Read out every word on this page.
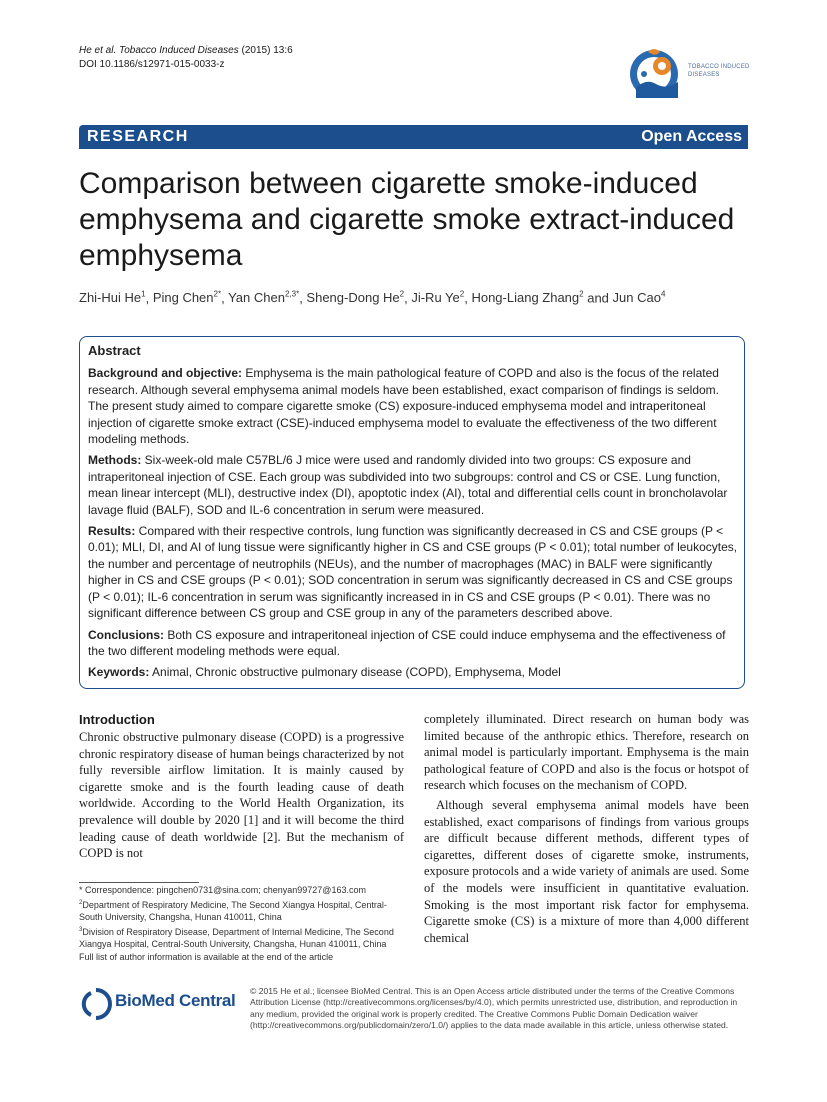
He et al. Tobacco Induced Diseases (2015) 13:6
DOI 10.1186/s12971-015-0033-z	TOBACCO INDUCED
DISEASES
RESEARCH	Open Access
Comparison between cigarette smoke-induced emphysema and cigarette smoke extract-induced emphysema
Zhi-Hui He$^1$, Ping Chen$^{2*}$, Yan Chen$^{2,3*}$, Sheng-Dong He$^2$, Ji-Ru Ye$^2$, Hong-Liang Zhang$^2$ and Jun Cao$^4$
Abstract

Background and objective: Emphysema is the main pathological feature of COPD and also is the focus of the related research. Although several emphysema animal models have been established, exact comparison of findings is seldom. The present study aimed to compare cigarette smoke (CS) exposure-induced emphysema model and intraperitoneal injection of cigarette smoke extract (CSE)-induced emphysema model to evaluate the effectiveness of the two different modeling methods.

Methods: Six-week-old male C57BL/6 J mice were used and randomly divided into two groups: CS exposure and intraperitoneal injection of CSE. Each group was subdivided into two subgroups: control and CS or CSE. Lung function, mean linear intercept (MLI), destructive index (DI), apoptotic index (AI), total and differential cells count in broncholavolar lavage fluid (BALF), SOD and IL-6 concentration in serum were measured.

Results: Compared with their respective controls, lung function was significantly decreased in CS and CSE groups (P < 0.01); MLI, DI, and AI of lung tissue were significantly higher in CS and CSE groups (P < 0.01); total number of leukocytes, the number and percentage of neutrophils (NEUs), and the number of macrophages (MAC) in BALF were significantly higher in CS and CSE groups (P < 0.01); SOD concentration in serum was significantly decreased in CS and CSE groups (P < 0.01); IL-6 concentration in serum was significantly increased in in CS and CSE groups (P < 0.01). There was no significant difference between CS group and CSE group in any of the parameters described above.

Conclusions: Both CS exposure and intraperitoneal injection of CSE could induce emphysema and the effectiveness of the two different modeling methods were equal.

Keywords: Animal, Chronic obstructive pulmonary disease (COPD), Emphysema, Model

Introduction

Chronic obstructive pulmonary disease (COPD) is a progressive chronic respiratory disease of human beings characterized by not fully reversible airflow limitation. It is mainly caused by cigarette smoke and is the fourth leading cause of death worldwide. According to the World Health Organization, its prevalence will double by 2020 [1] and it will become the third leading cause of death worldwide [2]. But the mechanism of COPD is not

completely illuminated. Direct research on human body was limited because of the anthropic ethics. Therefore, research on animal model is particularly important. Emphysema is the main pathological feature of COPD and also is the focus or hotspot of research which focuses on the mechanism of COPD.

Although several emphysema animal models have been established, exact comparisons of findings from various groups are difficult because different methods, different types of cigarettes, different doses of cigarette smoke, instruments, exposure protocols and a wide variety of animals are used. Some of the models were insufficient in quantitative evaluation. Smoking is the most important risk factor for emphysema. Cigarette smoke (CS) is a mixture of more than 4,000 different chemical

* Correspondence: pingchen0731@sina.com; chenyan99727@163.com

$^2$Department of Respiratory Medicine, The Second Xiangya Hospital, Central-South University, Changsha, Hunan 410011, China

$^3$Division of Respiratory Disease, Department of Internal Medicine, The Second Xiangya Hospital, Central-South University, Changsha, Hunan 410011, China

Full list of author information is available at the end of the article

BioMed Central © 2015 He et al.; licensee BioMed Central. This is an Open Access article distributed under the terms of the Creative Commons Attribution License (http://creativecommons.org/licenses/by/4.0), which permits unrestricted use, distribution, and reproduction in any medium, provided the original work is properly credited. The Creative Commons Public Domain Dedication waiver (http://creativecommons.org/publicdomain/zero/1.0/) applies to the data made available in this article, unless otherwise stated.
